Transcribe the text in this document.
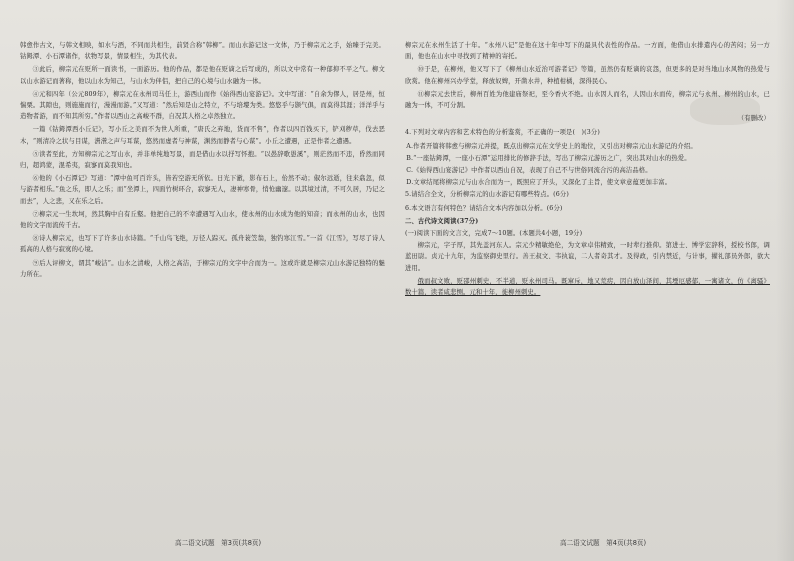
韩愈作古文，与韩文相映，如水与酒，不同而共相生，前贤合称“韩柳”。而山水游记这一文体，乃于柳宗元之手，始臻于完美。钴鉧潭、小石潭诸作，状物写景，情景相生，为其代表。

③此后，柳宗元在贬所一面读书，一面游历。他的作品，都是他在贬谪之后写成的，所以文中常有一种郁抑不平之气。柳文以山水游记而著称，他以山水为知己，与山水为伴侣，把自己的心境与山水融为一体。

④元和四年（公元809年），柳宗元在永州司马任上，游西山而作《始得西山宴游记》。文中写道：“自余为僇人，居是州，恒惴栗。其隙也，则施施而行，漫漫而游。”又写道：“然后知是山之特立，不与培塿为类。悠悠乎与颢气俱，而莫得其涯；洋洋乎与造物者游，而不知其所穷。”作者以西山之高峻不群，自况其人格之卓然独立。

一篇《钴鉧潭西小丘记》，写小丘之美而不为世人所重，“唐氏之弃地，货而不售”，作者以四百钱买下，铲刈秽草，伐去恶木，“则清冷之状与目谋，瀯瀯之声与耳谋，悠然而虚者与神谋，渊然而静者与心谋”。小丘之遭遇，正是作者之遭遇。

⑤读者至此，方知柳宗元之写山水，并非单纯地写景，而是借山水以抒写怀抱。“以愚辞歌愚溪”，则茫然而不违，昏然而同归，超鸿蒙，混希夷，寂寥而莫我知也。

⑥他的《小石潭记》写道：“潭中鱼可百许头，皆若空游无所依。日光下澈，影布石上，佁然不动；俶尔远逝，往来翕忽，似与游者相乐。”鱼之乐，即人之乐；而“坐潭上，四面竹树环合，寂寥无人，凄神寒骨，悄怆幽邃。以其境过清，不可久居，乃记之而去”，人之悲，又在乐之后。

⑦柳宗元一生坎坷，然其胸中自有丘壑。他把自己的不幸遭遇写入山水，使永州的山水成为他的知音；而永州的山水，也因他的文字而流传千古。

⑧诗人柳宗元，也写下了许多山水诗篇。“千山鸟飞绝，万径人踪灭。孤舟蓑笠翁，独钓寒江雪。”一首《江雪》，写尽了诗人孤高的人格与寂寞的心境。

⑨后人评柳文，谓其“峻洁”。山水之清峻，人格之高洁，于柳宗元的文字中合而为一。这或许就是柳宗元山水游记独特的魅力所在。

高二语文试题　第3页(共8页)

柳宗元在永州生活了十年。“永州八记”是他在这十年中写下的最具代表性的作品。一方面，他借山水排遣内心的苦闷；另一方面，他也在山水中寻找到了精神的寄托。

⑩于是，在柳州，他又写下了《柳州山水近治可游者记》等篇，虽然仍有贬谪的哀怨，但更多的是对当地山水风物的热爱与欣赏。他在柳州兴办学堂，释放奴婢，开凿水井，种植柑橘，深得民心。

⑪柳宗元去世后，柳州百姓为他建庙祭祀，至今香火不绝。山水因人而名，人因山水而传，柳宗元与永州、柳州的山水，已融为一体，不可分割。

（有删改）

4.下列对文章内容和艺术特色的分析鉴赏，不正确的一项是(　)(3分)

A.作者开篇将韩愈与柳宗元并提，既点出柳宗元在文学史上的地位，又引出对柳宗元山水游记的介绍。

B.“一座钴鉧潭，一座小石潭”运用排比的修辞手法，写出了柳宗元游历之广，突出其对山水的热爱。

C.《始得西山宴游记》中作者以西山自况，表现了自己不与世俗同流合污的高洁品格。

D.文章结尾将柳宗元与山水合而为一，既照应了开头，又深化了主旨，使文章意蕴更加丰富。

5.请结合全文，分析柳宗元的山水游记有哪些特点。(6分)

6.本文语言有何特色？请结合文本内容加以分析。(6分)

二、古代诗文阅读(37分)

(一)阅读下面的文言文，完成7～10题。(本题共4小题，19分)

柳宗元，字子厚，其先盖河东人。宗元少精敏绝伦，为文章卓伟精致，一时辈行推仰。第进士、博学宏辞科，授校书郎，调蓝田尉。贞元十九年，为监察御史里行。善王叔文、韦执谊，二人者奇其才。及得政，引内禁近，与计事，擢礼部员外郎，欲大进用。

俄而叔文败，贬邵州刺史，不半道，贬永州司马。既窜斥，地又荒疠，因自放山泽间，其堙厄感郁，一寓诸文，仿《离骚》数十篇，读者咸悲恻。元和十年，徙柳州刺史。

高二语文试题　第4页(共8页)
